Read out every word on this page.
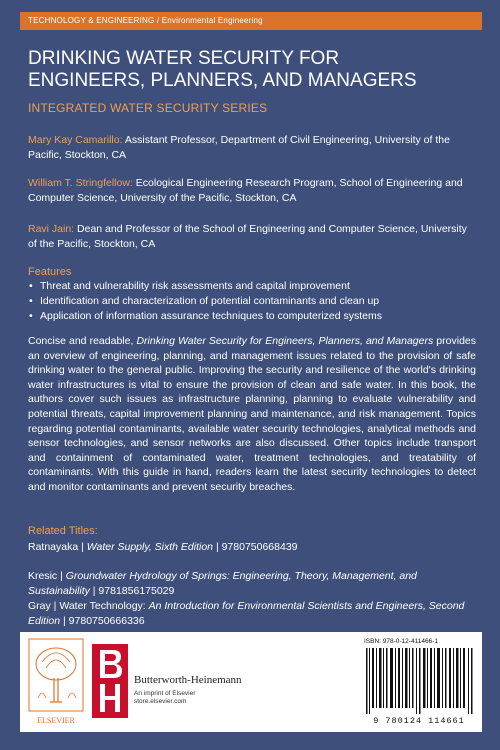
TECHNOLOGY & ENGINEERING / Environmental Engineering
DRINKING WATER SECURITY FOR
ENGINEERS, PLANNERS, AND MANAGERS
INTEGRATED WATER SECURITY SERIES
Mary Kay Camarillo: Assistant Professor, Department of Civil Engineering, University of the Pacific, Stockton, CA
William T. Stringfellow: Ecological Engineering Research Program, School of Engineering and Computer Science, University of the Pacific, Stockton, CA
Ravi Jain: Dean and Professor of the School of Engineering and Computer Science, University of the Pacific, Stockton, CA
Features
• Threat and vulnerability risk assessments and capital improvement
• Identification and characterization of potential contaminants and clean up
• Application of information assurance techniques to computerized systems

Concise and readable, Drinking Water Security for Engineers, Planners, and Managers provides an overview of engineering, planning, and management issues related to the provision of safe drinking water to the general public. Improving the security and resilience of the world's drinking water infrastructures is vital to ensure the provision of clean and safe water. In this book, the authors cover such issues as infrastructure planning, planning to evaluate vulnerability and potential threats, capital improvement planning and maintenance, and risk management. Topics regarding potential contaminants, available water security technologies, analytical methods and sensor technologies, and sensor networks are also discussed. Other topics include transport and containment of contaminated water, treatment technologies, and treatability of contaminants. With this guide in hand, readers learn the latest security technologies to detect and monitor contaminants and prevent security breaches.

Related Titles:
Ratnayaka | Water Supply, Sixth Edition | 9780750668439
Kresic | Groundwater Hydrology of Springs: Engineering, Theory, Management, and Sustainability | 9781856175029
Gray | Water Technology: An Introduction for Environmental Scientists and Engineers, Second Edition | 9780750666336
ELSEVIER
Butterworth-Heinemann
An imprint of Elsevier
store.elsevier.com
ISBN: 978-0-12-411466-1
9 780124 114661
